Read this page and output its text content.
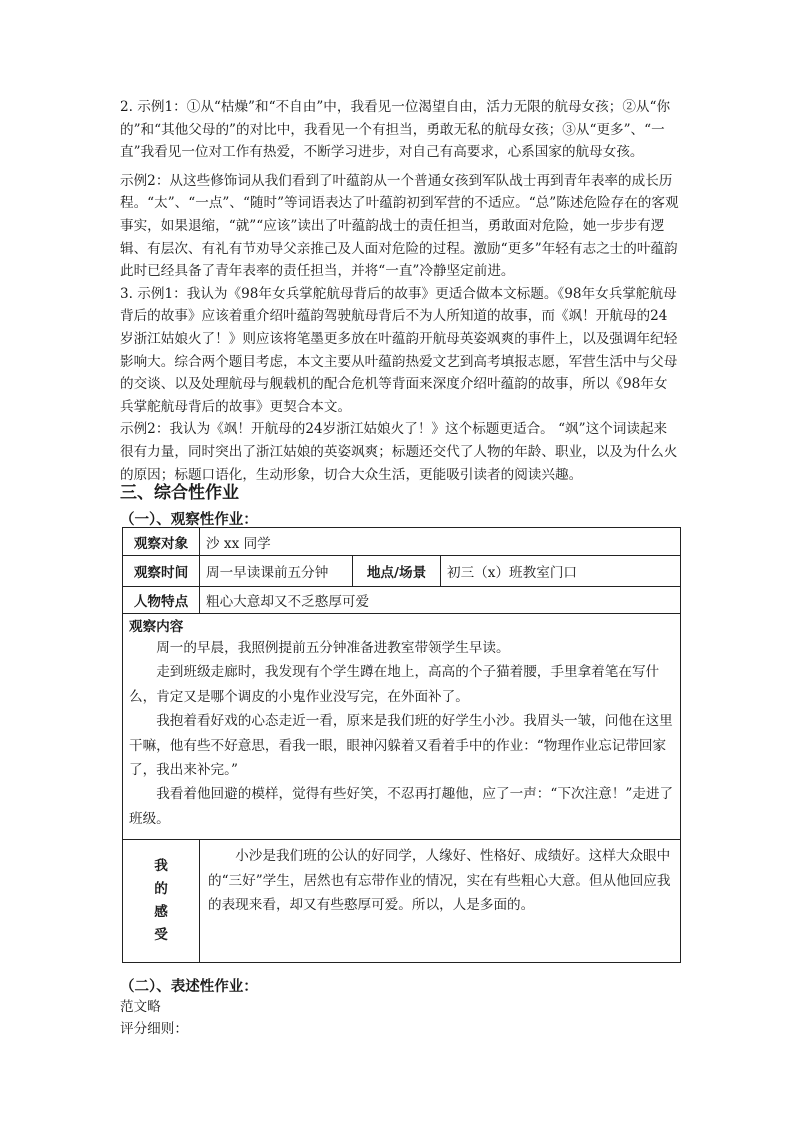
2. 示例1：①从“枯燥”和“不自由”中，我看见一位渴望自由，活力无限的航母女孩；②从“你的”和“其他父母的”的对比中，我看见一个有担当，勇敢无私的航母女孩；③从“更多”、“一直”我看见一位对工作有热爱，不断学习进步，对自己有高要求，心系国家的航母女孩。

示例2：从这些修饰词从我们看到了叶蕴韵从一个普通女孩到军队战士再到青年表率的成长历程。“太”、“一点”、“随时”等词语表达了叶蕴韵初到军营的不适应。“总”陈述危险存在的客观事实，如果退缩，“就”“应该”读出了叶蕴韵战士的责任担当，勇敢面对危险，她一步步有逻辑、有层次、有礼有节劝导父亲推己及人面对危险的过程。激励“更多”年轻有志之士的叶蕴韵此时已经具备了青年表率的责任担当，并将“一直”冷静坚定前进。

3. 示例1：我认为《98年女兵掌舵航母背后的故事》更适合做本文标题。《98年女兵掌舵航母背后的故事》应该着重介绍叶蕴韵驾驶航母背后不为人所知道的故事，而《飒！开航母的24岁浙江姑娘火了！》则应该将笔墨更多放在叶蕴韵开航母英姿飒爽的事件上，以及强调年纪轻影响大。综合两个题目考虑，本文主要从叶蕴韵热爱文艺到高考填报志愿，军营生活中与父母的交谈、以及处理航母与舰载机的配合危机等背面来深度介绍叶蕴韵的故事，所以《98年女兵掌舵航母背后的故事》更契合本文。

示例2：我认为《飒！开航母的24岁浙江姑娘火了！》这个标题更适合。 “飒”这个词读起来很有力量，同时突出了浙江姑娘的英姿飒爽；标题还交代了人物的年龄、职业，以及为什么火的原因；标题口语化，生动形象，切合大众生活，更能吸引读者的阅读兴趣。

三、综合性作业
（一）、观察性作业：
观察对象	沙 xx 同学		
观察时间	周一早读课前五分钟	地点/场景	初三（x）班教室门口
人物特点	粗心大意却又不乏憨厚可爱		

观察内容

周一的早晨，我照例提前五分钟准备进教室带领学生早读。

走到班级走廊时，我发现有个学生蹲在地上，高高的个子猫着腰，手里拿着笔在写什么，肯定又是哪个调皮的小鬼作业没写完，在外面补了。

我抱着看好戏的心态走近一看，原来是我们班的好学生小沙。我眉头一皱，问他在这里干嘛，他有些不好意思，看我一眼，眼神闪躲着又看着手中的作业：“物理作业忘记带回家了，我出来补完。”

我看着他回避的模样，觉得有些好笑，不忍再打趣他，应了一声：“下次注意！”走进了班级。			

我
的
感
受	小沙是我们班的公认的好同学，人缘好、性格好、成绩好。这样大众眼中的“三好”学生，居然也有忘带作业的情况，实在有些粗心大意。但从他回应我的表现来看，却又有些憨厚可爱。所以，人是多面的。		

（二）、表述性作业：

范文略

评分细则：
